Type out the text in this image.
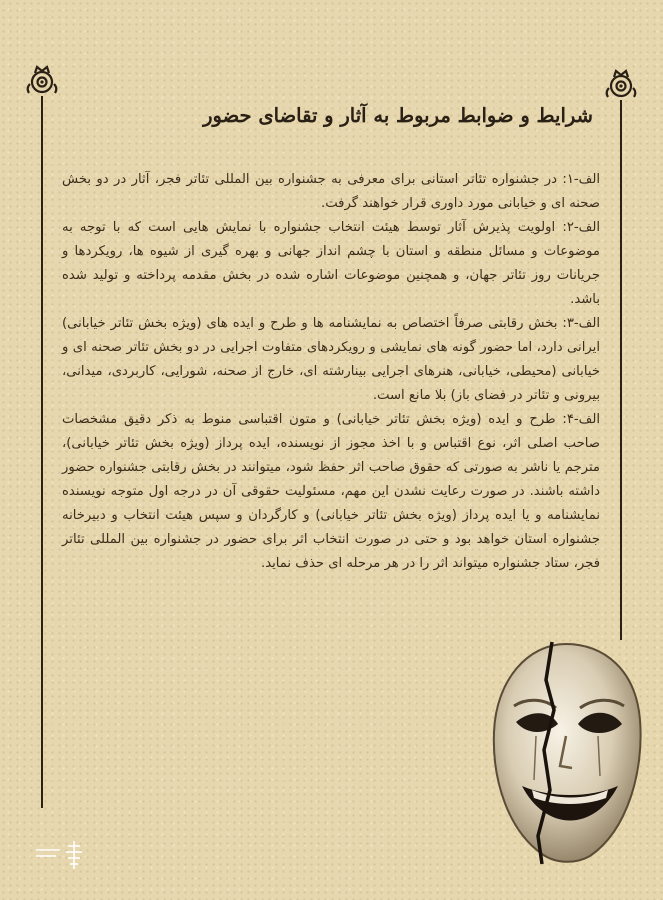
شرایط و ضوابط مربوط به آثار و تقاضای حضور

الف-۱: در جشنواره تئاتر استانی برای معرفی به جشنواره بین المللی تئاتر فجر، آثار در دو بخش صحنه ای و خیابانی مورد داوری قرار خواهند گرفت.

الف-۲: اولویت پذیرش آثار توسط هیئت انتخاب جشنواره با نمایش هایی است که با توجه به موضوعات و مسائل منطقه و استان با چشم انداز جهانی و بهره گیری از شیوه ها، رویکردها و جریانات روز تئاتر جهان، و همچنین موضوعات اشاره شده در بخش مقدمه پرداخته و تولید شده باشد.

الف-۳: بخش رقابتی صرفاً اختصاص به نمایشنامه ها و طرح و ایده های (ویژه بخش تئاتر خیابانی) ایرانی دارد، اما حضور گونه های نمایشی و رویکردهای متفاوت اجرایی در دو بخش تئاتر صحنه ای و خیابانی (محیطی، خیابانی، هنرهای اجرایی بینارشته ای، خارج از صحنه، شورایی، کاربردی، میدانی، بیرونی و تئاتر در فضای باز) بلا مانع است.

الف-۴: طرح و ایده (ویژه بخش تئاتر خیابانی) و متون اقتباسی منوط به ذکر دقیق مشخصات صاحب اصلی اثر، نوع اقتباس و با اخذ مجوز از نویسنده، ایده پرداز (ویژه بخش تئاتر خیابانی)، مترجم یا ناشر به صورتی که حقوق صاحب اثر حفظ شود، میتوانند در بخش رقابتی جشنواره حضور داشته باشند. در صورت رعایت نشدن این مهم، مسئولیت حقوقی آن در درجه اول متوجه نویسنده نمایشنامه و یا ایده پرداز (ویژه بخش تئاتر خیابانی) و کارگردان و سپس هیئت انتخاب و دبیرخانه جشنواره استان خواهد بود و حتی در صورت انتخاب اثر برای حضور در جشنواره بین المللی تئاتر فجر، ستاد جشنواره میتواند اثر را در هر مرحله ای حذف نماید.
